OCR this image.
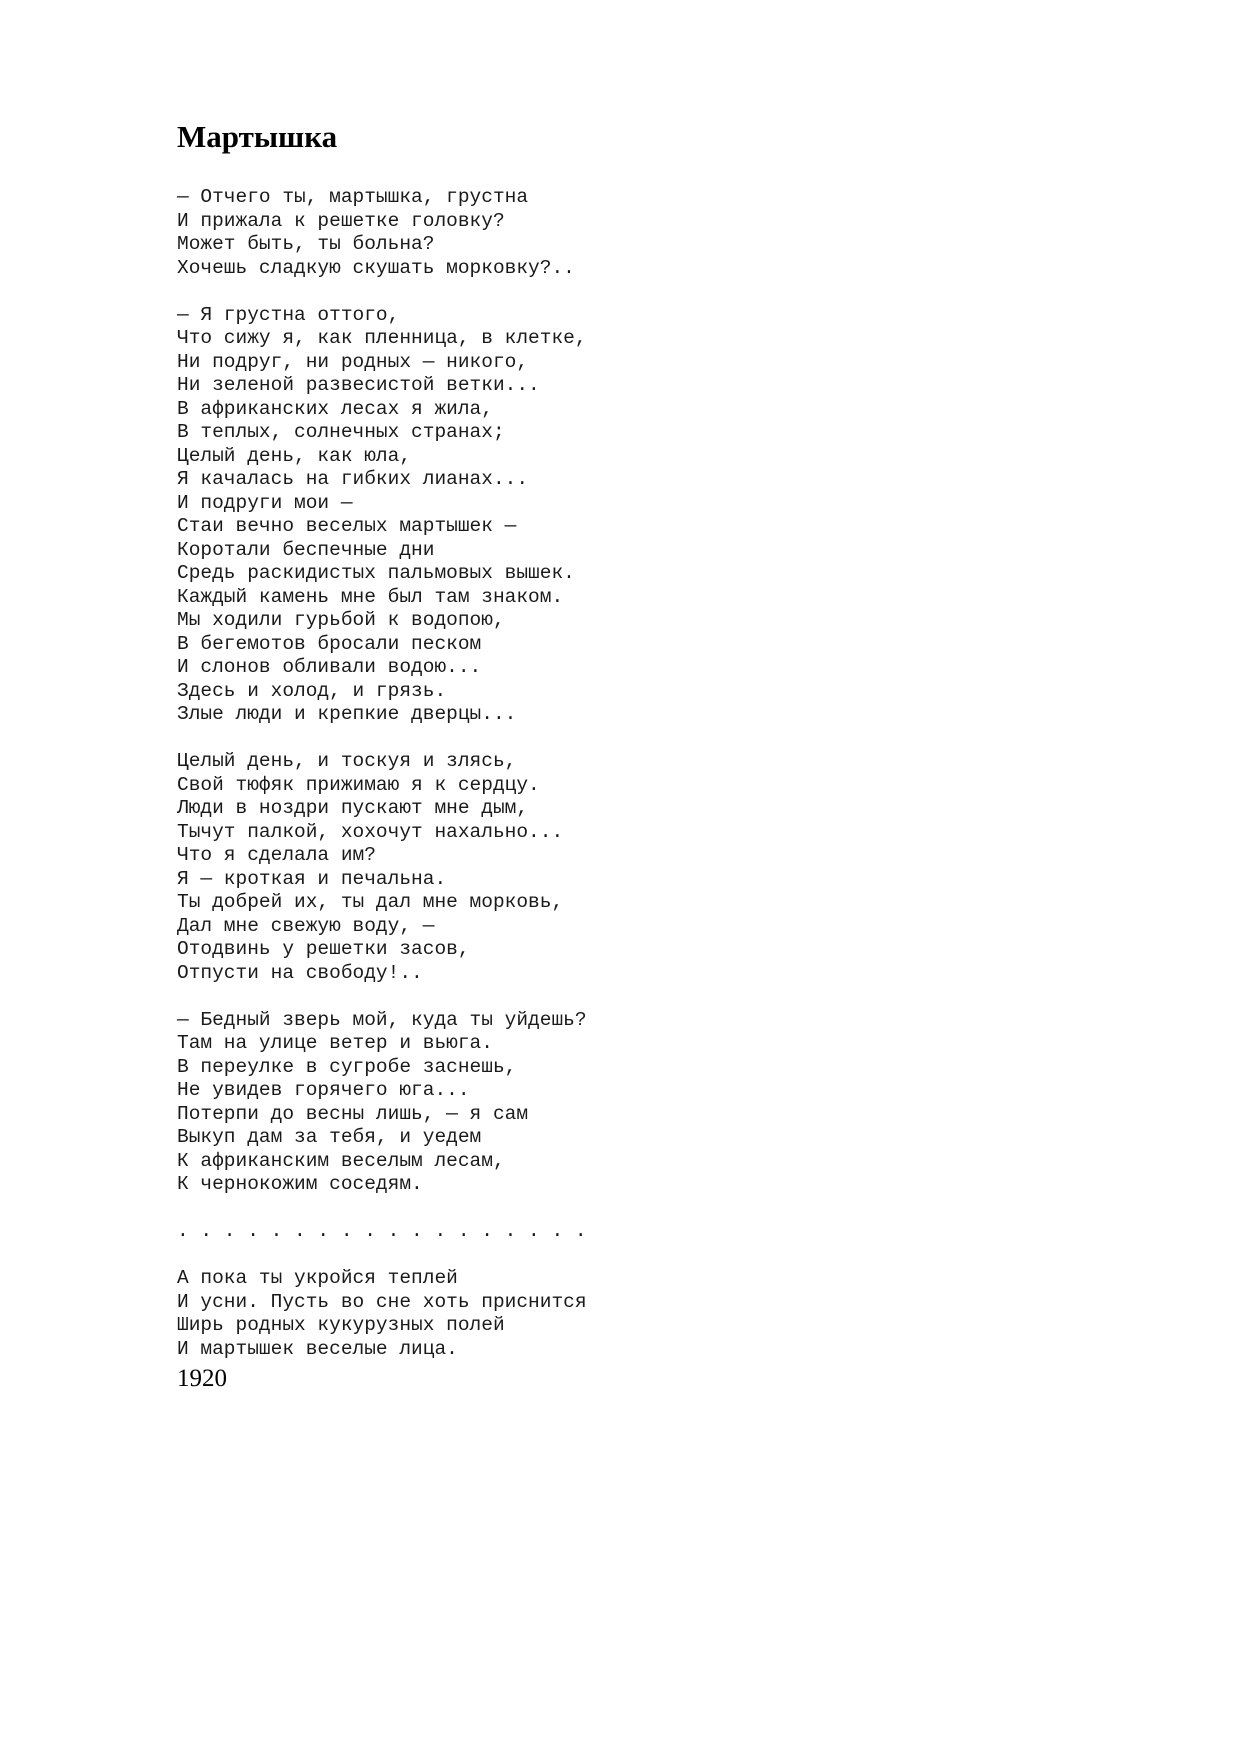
Мартышка
— Отчего ты, мартышка, грустна
И прижала к решетке головку?
Может быть, ты больна?
Хочешь сладкую скушать морковку?..
— Я грустна оттого,
Что сижу я, как пленница, в клетке,
Ни подруг, ни родных — никого,
Ни зеленой развесистой ветки...
В африканских лесах я жила,
В теплых, солнечных странах;
Целый день, как юла,
Я качалась на гибких лианах...
И подруги мои —
Стаи вечно веселых мартышек —
Коротали беспечные дни
Средь раскидистых пальмовых вышек.
Каждый камень мне был там знаком.
Мы ходили гурьбой к водопою,
В бегемотов бросали песком
И слонов обливали водою...
Здесь и холод, и грязь.
Злые люди и крепкие дверцы...
Целый день, и тоскуя и злясь,
Свой тюфяк прижимаю я к сердцу.
Люди в ноздри пускают мне дым,
Тычут палкой, хохочут нахально...
Что я сделала им?
Я — кроткая и печальна.
Ты добрей их, ты дал мне морковь,
Дал мне свежую воду, —
Отодвинь у решетки засов,
Отпусти на свободу!..
— Бедный зверь мой, куда ты уйдешь?
Там на улице ветер и вьюга.
В переулке в сугробе заснешь,
Не увидев горячего юга...
Потерпи до весны лишь, — я сам
Выкуп дам за тебя, и уедем
К африканским веселым лесам,
К чернокожим соседям.
. . . . . . . . . . . . . . . . . .
А пока ты укройся теплей
И усни. Пусть во сне хоть приснится
Ширь родных кукурузных полей
И мартышек веселые лица.

1920
